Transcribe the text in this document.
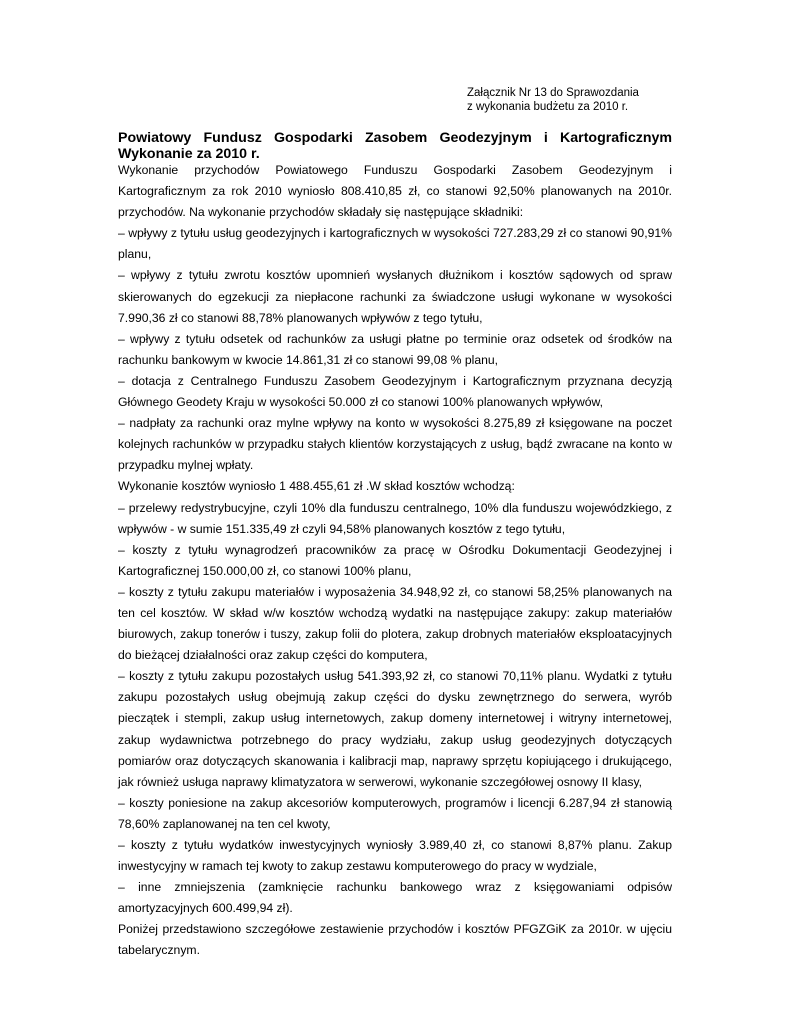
Załącznik Nr 13 do Sprawozdania
z wykonania budżetu za 2010 r.
Powiatowy Fundusz Gospodarki Zasobem Geodezyjnym i Kartograficznym
Wykonanie za 2010 r.

Wykonanie przychodów Powiatowego Funduszu Gospodarki Zasobem Geodezyjnym i Kartograficznym za rok 2010 wyniosło 808.410,85 zł, co stanowi 92,50% planowanych na 2010r. przychodów. Na wykonanie przychodów składały się następujące składniki:

– wpływy z tytułu usług geodezyjnych i kartograficznych w wysokości 727.283,29 zł co stanowi 90,91% planu,

– wpływy z tytułu zwrotu kosztów upomnień wysłanych dłużnikom i kosztów sądowych od spraw skierowanych do egzekucji za niepłacone rachunki za świadczone usługi wykonane w wysokości 7.990,36 zł co stanowi 88,78% planowanych wpływów z tego tytułu,

– wpływy z tytułu odsetek od rachunków za usługi płatne po terminie oraz odsetek od środków na rachunku bankowym w kwocie 14.861,31 zł co stanowi 99,08 % planu,

– dotacja z Centralnego Funduszu Zasobem Geodezyjnym i Kartograficznym przyznana decyzją Głównego Geodety Kraju w wysokości 50.000 zł co stanowi 100% planowanych wpływów,

– nadpłaty za rachunki oraz mylne wpływy na konto w wysokości 8.275,89 zł księgowane na poczet kolejnych rachunków w przypadku stałych klientów korzystających z usług, bądź zwracane na konto w przypadku mylnej wpłaty.

Wykonanie kosztów wyniosło 1 488.455,61 zł .W skład kosztów wchodzą:

– przelewy redystrybucyjne, czyli 10% dla funduszu centralnego, 10% dla funduszu wojewódzkiego, z wpływów - w sumie 151.335,49 zł czyli 94,58% planowanych kosztów z tego tytułu,

– koszty z tytułu wynagrodzeń pracowników za pracę w Ośrodku Dokumentacji Geodezyjnej i Kartograficznej 150.000,00 zł, co stanowi 100% planu,

– koszty z tytułu zakupu materiałów i wyposażenia 34.948,92 zł, co stanowi 58,25% planowanych na ten cel kosztów. W skład w/w kosztów wchodzą wydatki na następujące zakupy: zakup materiałów biurowych, zakup tonerów i tuszy, zakup folii do plotera, zakup drobnych materiałów eksploatacyjnych do bieżącej działalności oraz zakup części do komputera,

– koszty z tytułu zakupu pozostałych usług 541.393,92 zł, co stanowi 70,11% planu. Wydatki z tytułu zakupu pozostałych usług obejmują zakup części do dysku zewnętrznego do serwera, wyrób pieczątek i stempli, zakup usług internetowych, zakup domeny internetowej i witryny internetowej, zakup wydawnictwa potrzebnego do pracy wydziału, zakup usług geodezyjnych dotyczących pomiarów oraz dotyczących skanowania i kalibracji map, naprawy sprzętu kopiującego i drukującego, jak również usługa naprawy klimatyzatora w serwerowi, wykonanie szczegółowej osnowy II klasy,

– koszty poniesione na zakup akcesoriów komputerowych, programów i licencji 6.287,94 zł stanowią 78,60% zaplanowanej na ten cel kwoty,

– koszty z tytułu wydatków inwestycyjnych wyniosły 3.989,40 zł, co stanowi 8,87% planu. Zakup inwestycyjny w ramach tej kwoty to zakup zestawu komputerowego do pracy w wydziale,

– inne zmniejszenia (zamknięcie rachunku bankowego wraz z księgowaniami odpisów amortyzacyjnych 600.499,94 zł).

Poniżej przedstawiono szczegółowe zestawienie przychodów i kosztów PFGZGiK za 2010r. w ujęciu tabelarycznym.
